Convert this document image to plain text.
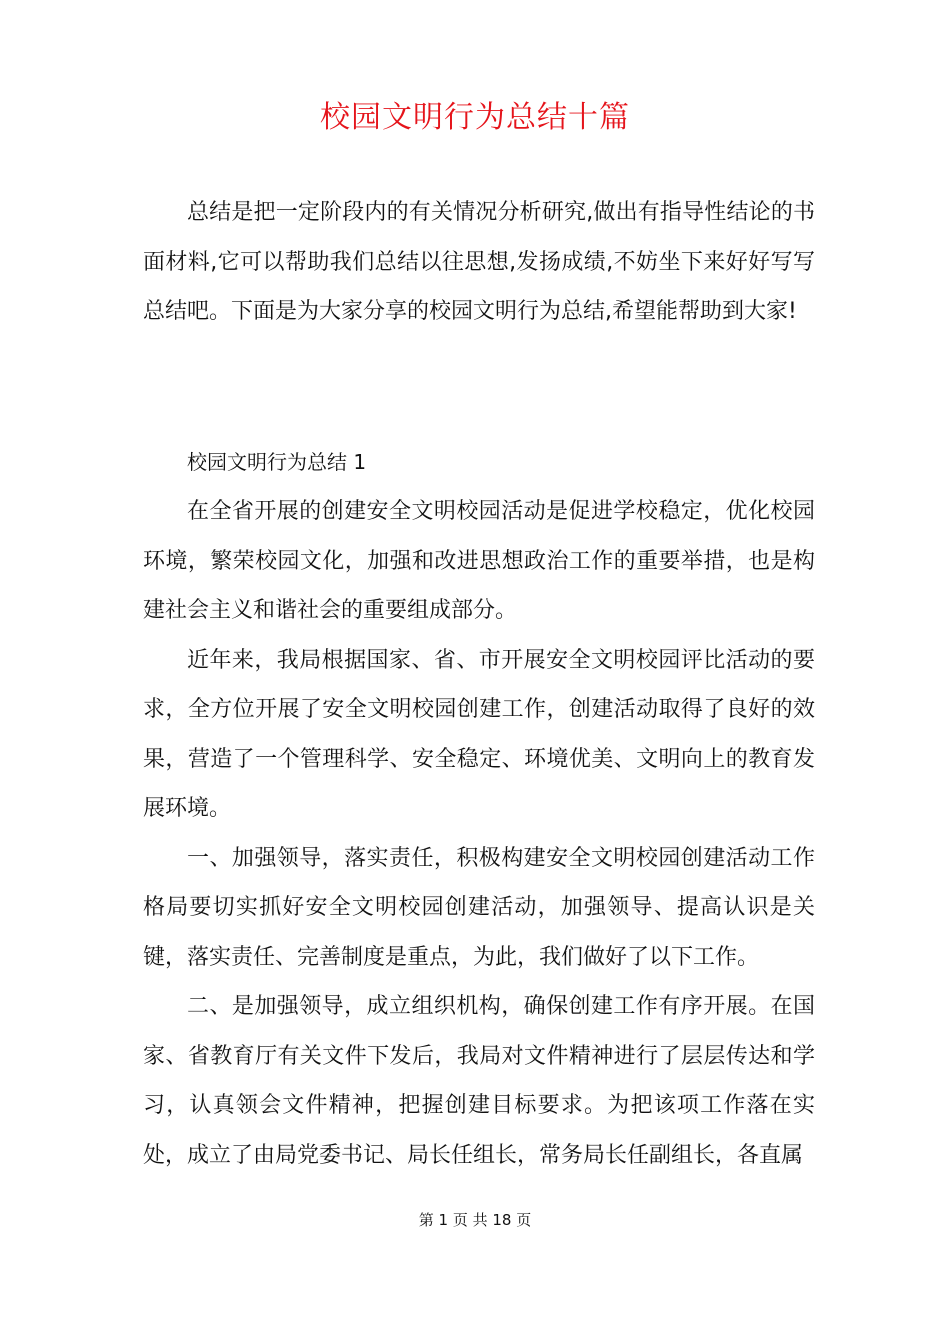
校园文明行为总结十篇

总结是把一定阶段内的有关情况分析研究,做出有指导性结论的书面材料,它可以帮助我们总结以往思想,发扬成绩,不妨坐下来好好写写总结吧。下面是为大家分享的校园文明行为总结,希望能帮助到大家!

校园文明行为总结 1

在全省开展的创建安全文明校园活动是促进学校稳定，优化校园环境，繁荣校园文化，加强和改进思想政治工作的重要举措，也是构建社会主义和谐社会的重要组成部分。

近年来，我局根据国家、省、市开展安全文明校园评比活动的要求，全方位开展了安全文明校园创建工作，创建活动取得了良好的效果，营造了一个管理科学、安全稳定、环境优美、文明向上的教育发展环境。

一、加强领导，落实责任，积极构建安全文明校园创建活动工作格局要切实抓好安全文明校园创建活动，加强领导、提高认识是关键，落实责任、完善制度是重点，为此，我们做好了以下工作。

二、是加强领导，成立组织机构，确保创建工作有序开展。在国家、省教育厅有关文件下发后，我局对文件精神进行了层层传达和学习，认真领会文件精神，把握创建目标要求。为把该项工作落在实处，成立了由局党委书记、局长任组长，常务局长任副组长，各直属

第 1 页 共 18 页
